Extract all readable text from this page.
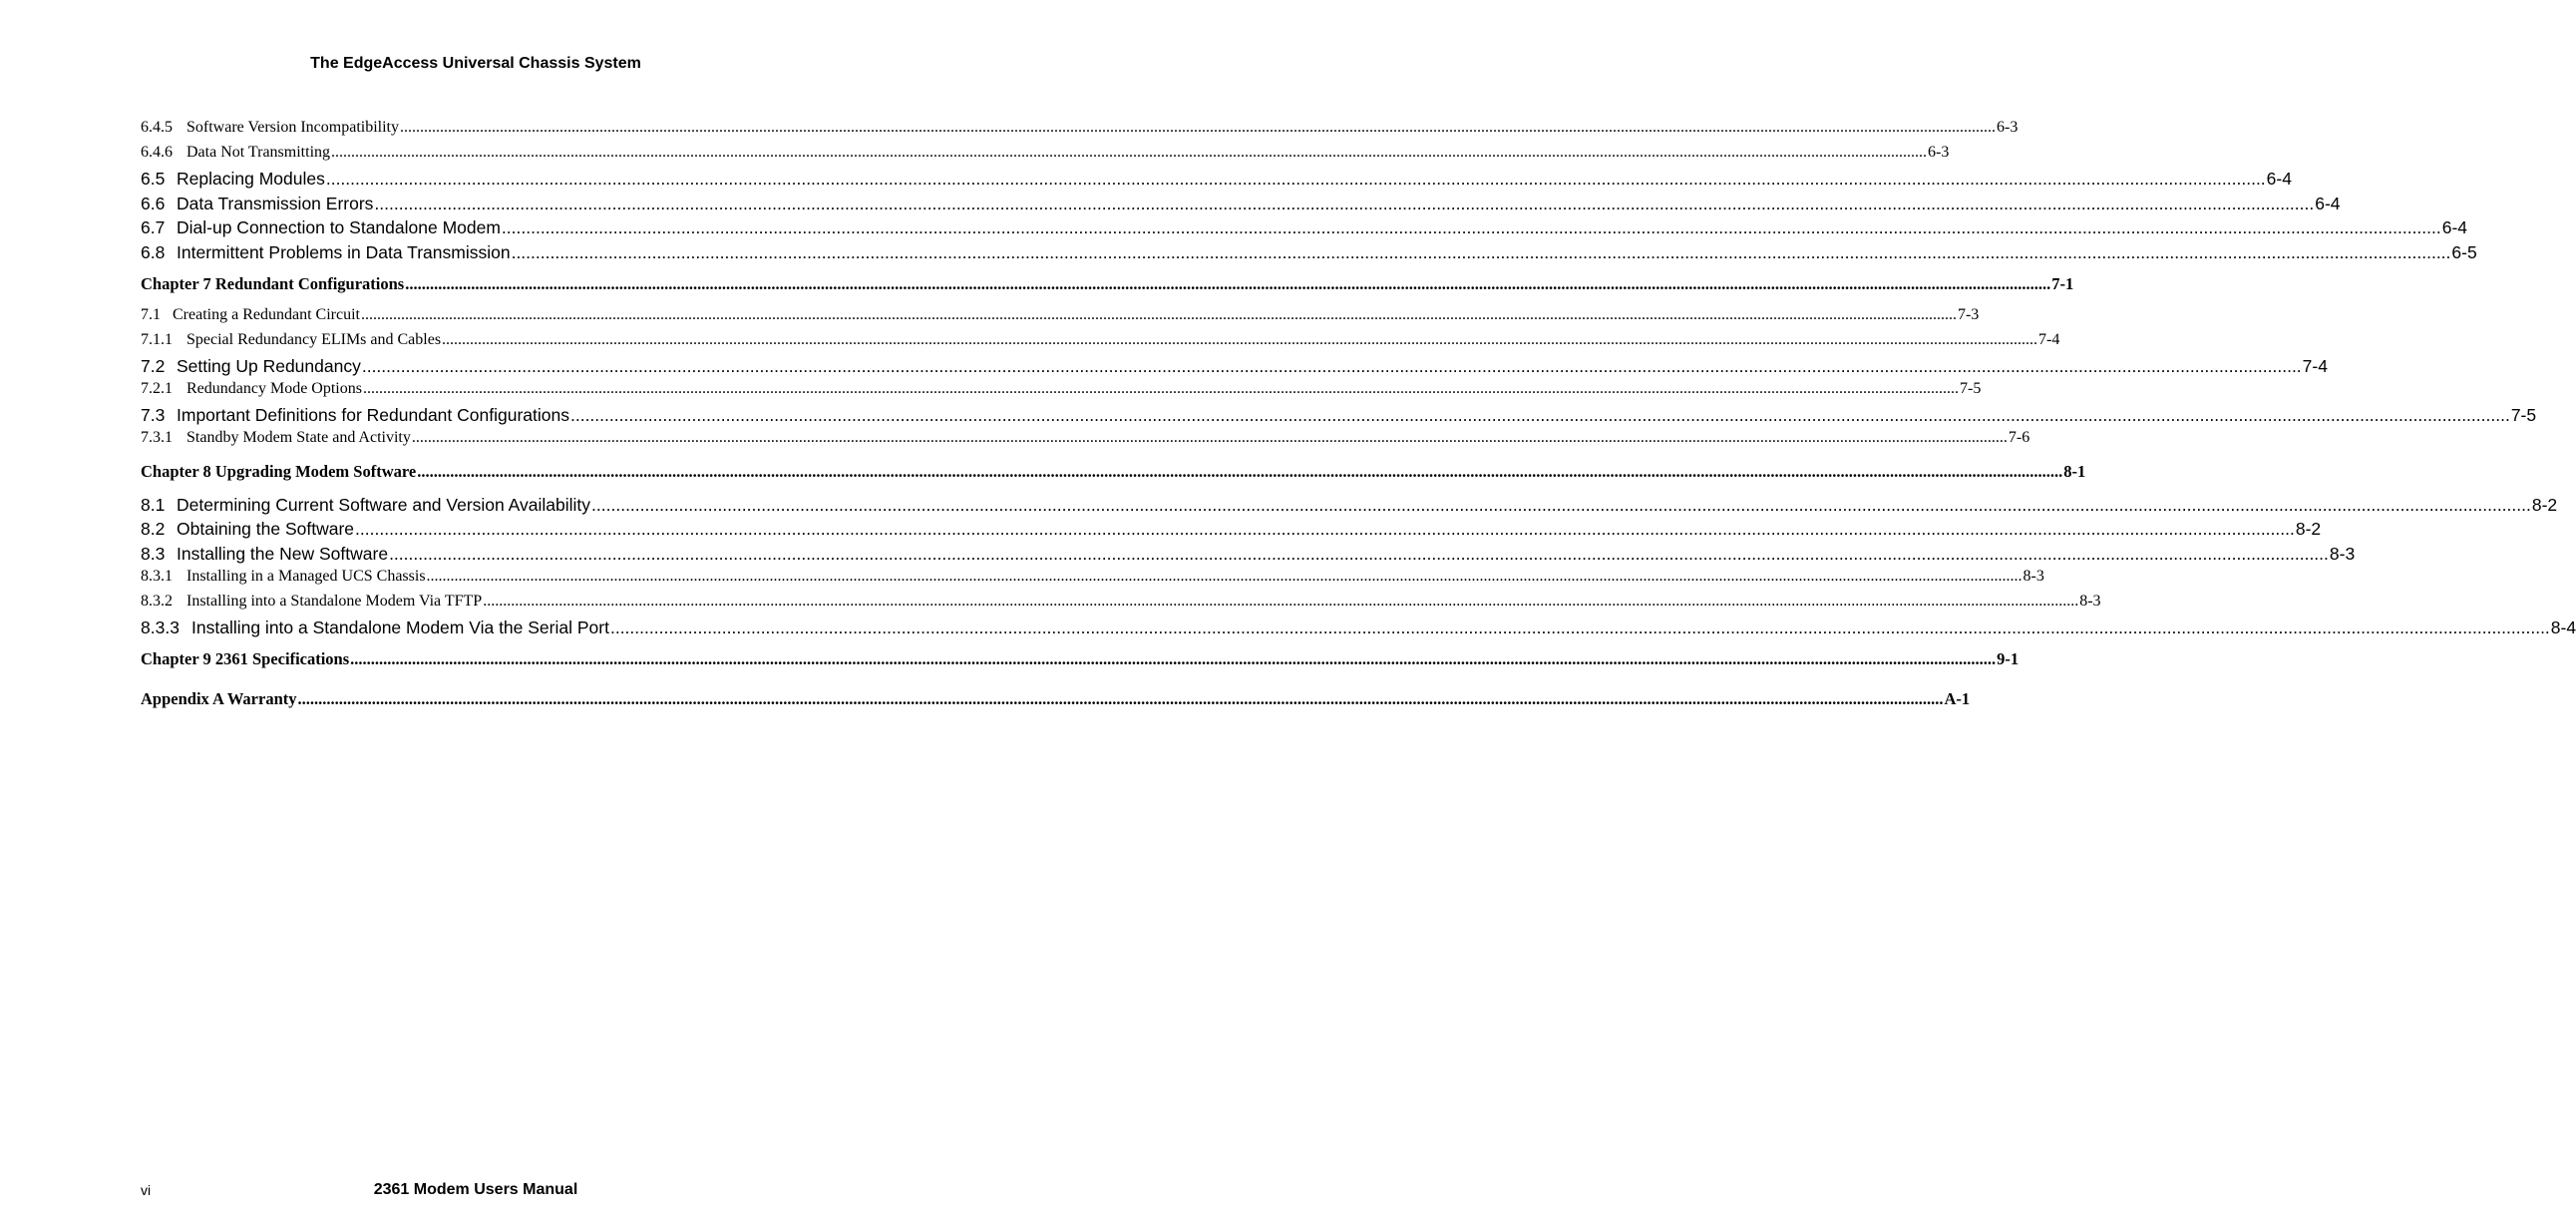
The EdgeAccess Universal Chassis System
6.4.5 Software Version Incompatibility ................................................................................................................................................................................................................................................................................................................................................................................................................ 6-3
6.4.6 Data Not Transmitting ................................................................................................................................................................................................................................................................................................................................................................................................................ 6-3
6.5 Replacing Modules ................................................................................................................................................................................................................................................................................................................................................................................................................ 6-4
6.6 Data Transmission Errors ................................................................................................................................................................................................................................................................................................................................................................................................................ 6-4
6.7 Dial-up Connection to Standalone Modem ................................................................................................................................................................................................................................................................................................................................................................................................................ 6-4
6.8 Intermittent Problems in Data Transmission ................................................................................................................................................................................................................................................................................................................................................................................................................ 6-5
Chapter 7 Redundant Configurations ................................................................................................................................................................................................................................................................................................................................................................................................................ 7-1
7.1 Creating a Redundant Circuit ................................................................................................................................................................................................................................................................................................................................................................................................................ 7-3
7.1.1 Special Redundancy ELIMs and Cables ................................................................................................................................................................................................................................................................................................................................................................................................................ 7-4
7.2 Setting Up Redundancy ................................................................................................................................................................................................................................................................................................................................................................................................................ 7-4
7.2.1 Redundancy Mode Options ................................................................................................................................................................................................................................................................................................................................................................................................................ 7-5
7.3 Important Definitions for Redundant Configurations ................................................................................................................................................................................................................................................................................................................................................................................................................ 7-5
7.3.1 Standby Modem State and Activity ................................................................................................................................................................................................................................................................................................................................................................................................................ 7-6
Chapter 8 Upgrading Modem Software ................................................................................................................................................................................................................................................................................................................................................................................................................ 8-1
8.1 Determining Current Software and Version Availability ................................................................................................................................................................................................................................................................................................................................................................................................................ 8-2
8.2 Obtaining the Software ................................................................................................................................................................................................................................................................................................................................................................................................................ 8-2
8.3 Installing the New Software ................................................................................................................................................................................................................................................................................................................................................................................................................ 8-3
8.3.1 Installing in a Managed UCS Chassis ................................................................................................................................................................................................................................................................................................................................................................................................................ 8-3
8.3.2 Installing into a Standalone Modem Via TFTP ................................................................................................................................................................................................................................................................................................................................................................................................................ 8-3
8.3.3 Installing into a Standalone Modem Via the Serial Port ................................................................................................................................................................................................................................................................................................................................................................................................................ 8-4
Chapter 9 2361 Specifications ................................................................................................................................................................................................................................................................................................................................................................................................................ 9-1
Appendix A Warranty ................................................................................................................................................................................................................................................................................................................................................................................................................ A-1
vi	2361 Modem Users Manual
